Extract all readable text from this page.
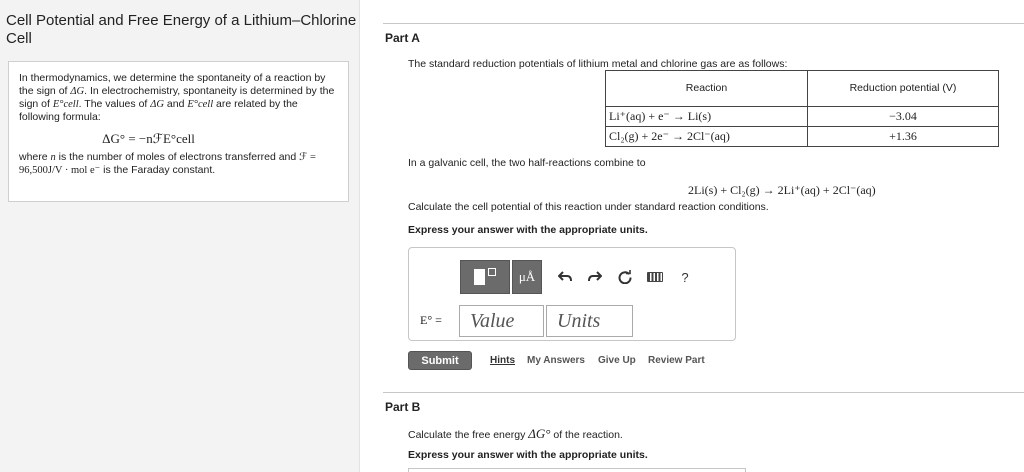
Cell Potential and Free Energy of a Lithium–Chlorine Cell

In thermodynamics, we determine the spontaneity of a reaction by the sign of ΔG. In electrochemistry, spontaneity is determined by the sign of E°cell. The values of ΔG and E°cell are related by the following formula:

ΔG° = −nℱE°cell

where n is the number of moles of electrons transferred and ℱ = 96,500J/V · mol e⁻ is the Faraday constant.

Part A
The standard reduction potentials of lithium metal and chlorine gas are as follows:
Reaction	Reduction potential (V)
Li⁺(aq) + e⁻ → Li(s)	−3.04
Cl₂(g) + 2e⁻ → 2Cl⁻(aq)	+1.36
In a galvanic cell, the two half-reactions combine to
2Li(s) + Cl₂(g) → 2Li⁺(aq) + 2Cl⁻(aq)
Calculate the cell potential of this reaction under standard reaction conditions.
Express your answer with the appropriate units.
μÅ	?
E° =
Value
Units
Submit	Hints My Answers Give Up Review Part
Part B
Calculate the free energy ΔG° of the reaction.
Express your answer with the appropriate units.
